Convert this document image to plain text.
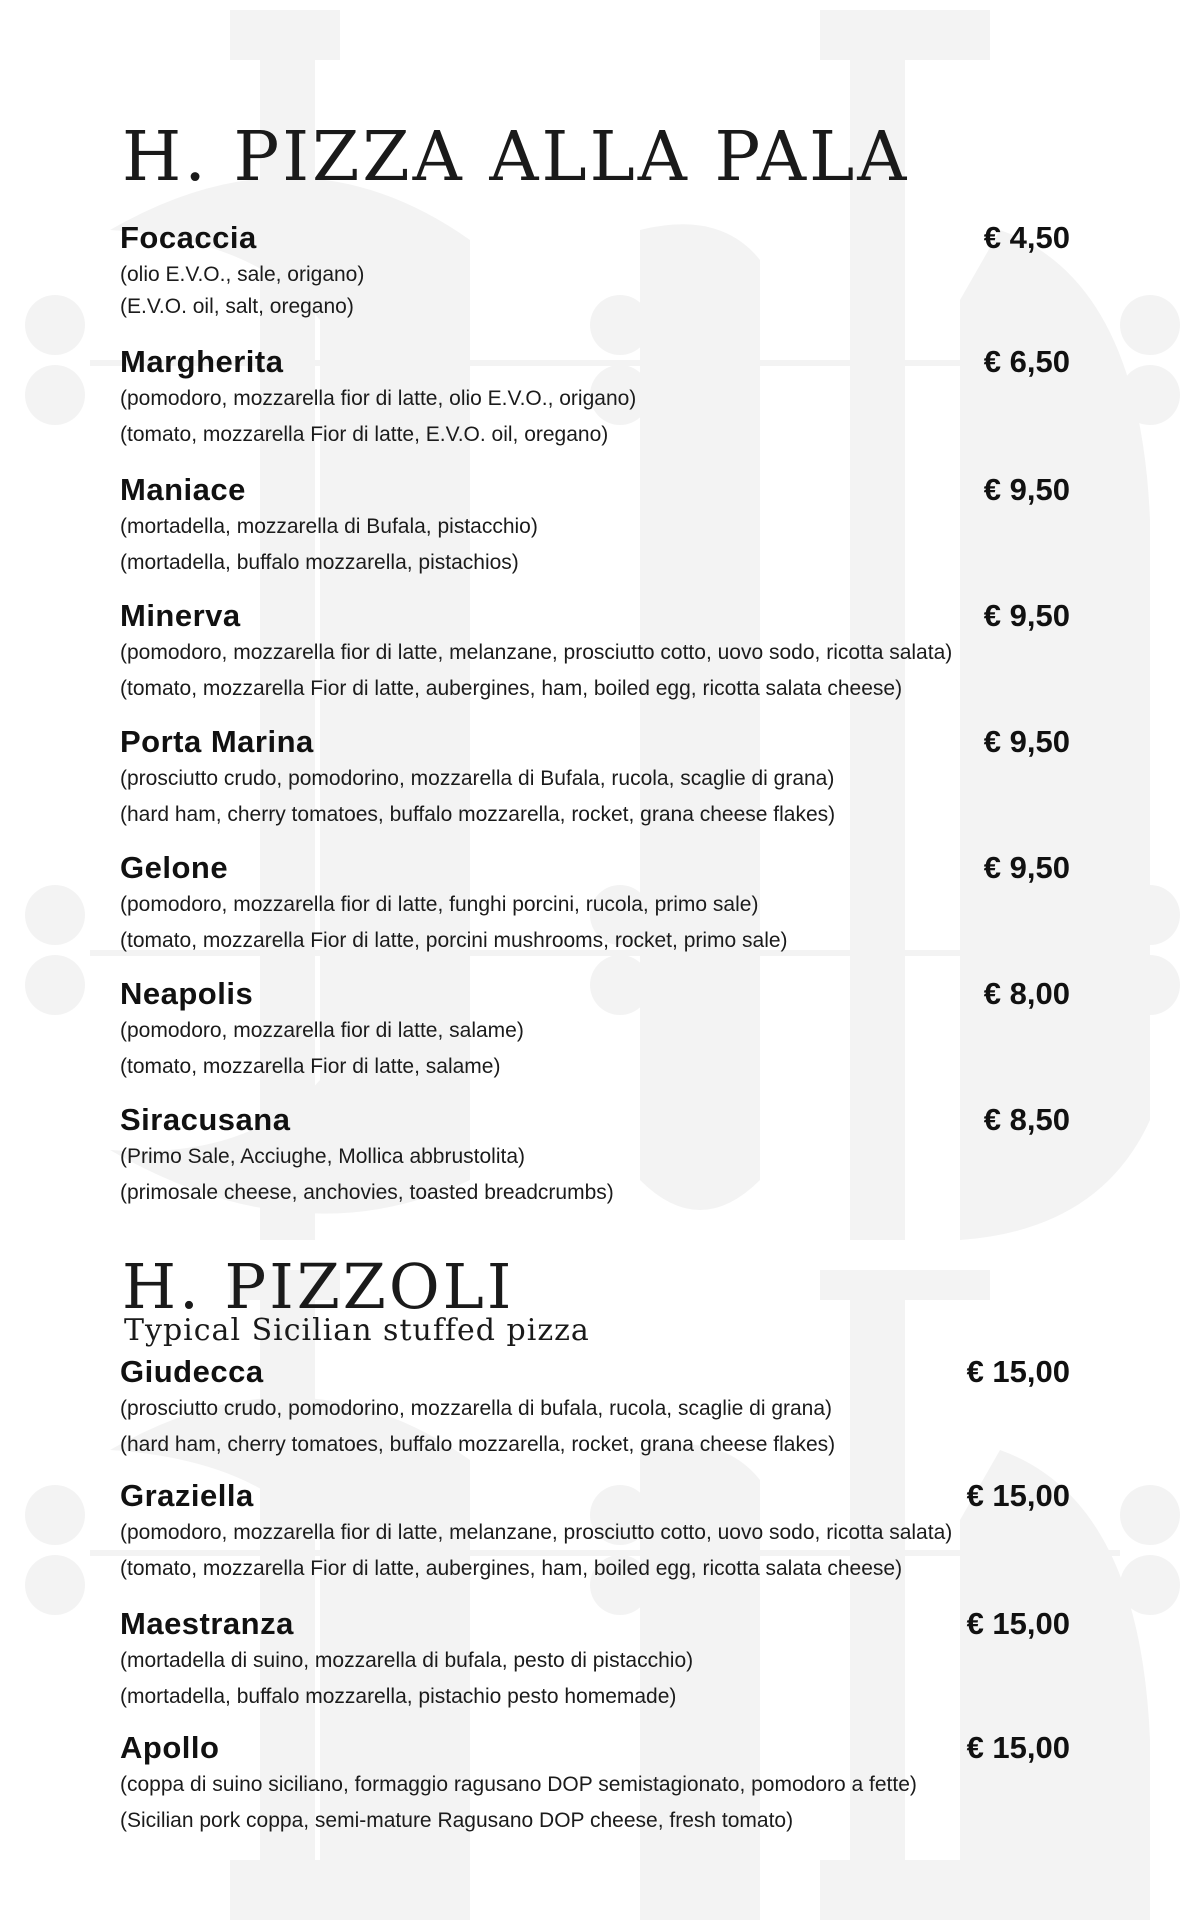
H. PIZZA ALLA PALA
Focaccia	€ 4,50
(olio E.V.O., sale, origano)
(E.V.O. oil, salt, oregano)
Margherita	€ 6,50
(pomodoro, mozzarella fior di latte, olio E.V.O., origano)
(tomato, mozzarella Fior di latte, E.V.O. oil, oregano)
Maniace	€ 9,50
(mortadella, mozzarella di Bufala, pistacchio)
(mortadella, buffalo mozzarella, pistachios)
Minerva	€ 9,50
(pomodoro, mozzarella fior di latte, melanzane, prosciutto cotto, uovo sodo, ricotta salata)
(tomato, mozzarella Fior di latte, aubergines, ham, boiled egg, ricotta salata cheese)
Porta Marina	€ 9,50
(prosciutto crudo, pomodorino, mozzarella di Bufala, rucola, scaglie di grana)
(hard ham, cherry tomatoes, buffalo mozzarella, rocket, grana cheese flakes)
Gelone	€ 9,50
(pomodoro, mozzarella fior di latte, funghi porcini, rucola, primo sale)
(tomato, mozzarella Fior di latte, porcini mushrooms, rocket, primo sale)
Neapolis	€ 8,00
(pomodoro, mozzarella fior di latte, salame)
(tomato, mozzarella Fior di latte, salame)
Siracusana	€ 8,50
(Primo Sale, Acciughe, Mollica abbrustolita)
(primosale cheese, anchovies, toasted breadcrumbs)
H. PIZZOLI
Typical Sicilian stuffed pizza
Giudecca	€ 15,00
(prosciutto crudo, pomodorino, mozzarella di bufala, rucola, scaglie di grana)
(hard ham, cherry tomatoes, buffalo mozzarella, rocket, grana cheese flakes)
Graziella	€ 15,00
(pomodoro, mozzarella fior di latte, melanzane, prosciutto cotto, uovo sodo, ricotta salata)
(tomato, mozzarella Fior di latte, aubergines, ham, boiled egg, ricotta salata cheese)
Maestranza	€ 15,00
(mortadella di suino, mozzarella di bufala, pesto di pistacchio)
(mortadella, buffalo mozzarella, pistachio pesto homemade)
Apollo	€ 15,00
(coppa di suino siciliano, formaggio ragusano DOP semistagionato, pomodoro a fette)
(Sicilian pork coppa, semi-mature Ragusano DOP cheese, fresh tomato)
